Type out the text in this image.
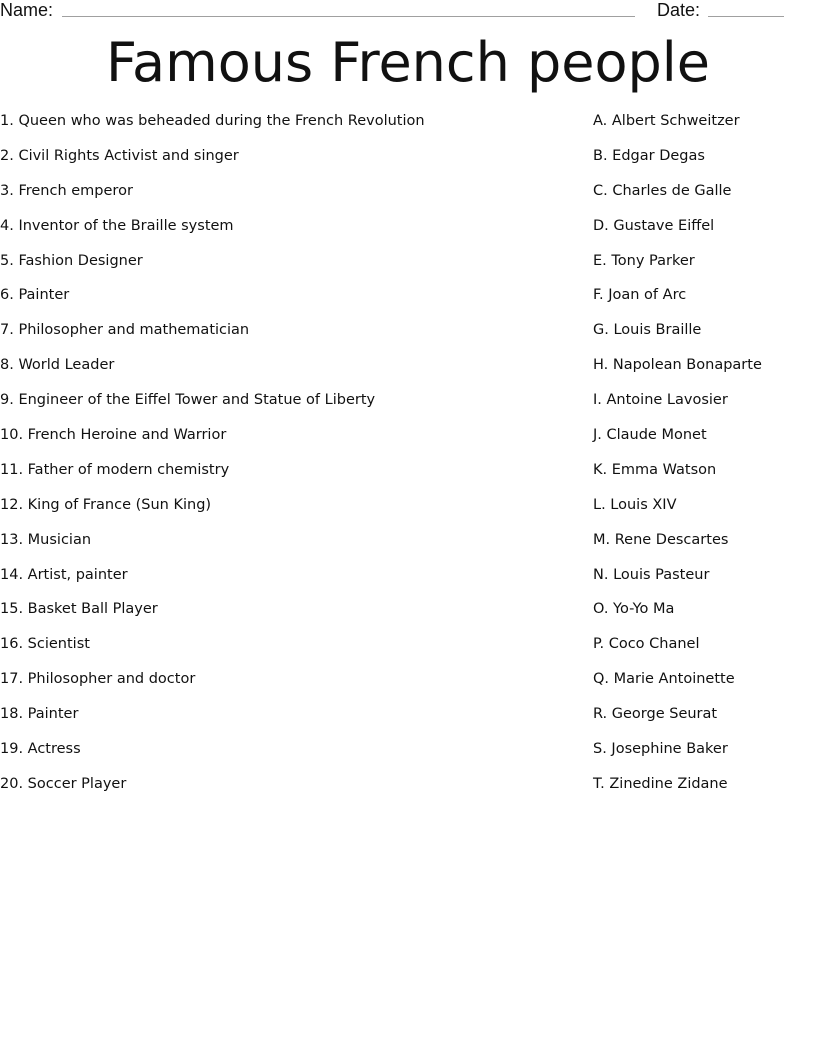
Name:	Date:
Famous French people
1. Queen who was beheaded during the French Revolution
2. Civil Rights Activist and singer
3. French emperor
4. Inventor of the Braille system
5. Fashion Designer
6. Painter
7. Philosopher and mathematician
8. World Leader
9. Engineer of the Eiffel Tower and Statue of Liberty
10. French Heroine and Warrior
11. Father of modern chemistry
12. King of France (Sun King)
13. Musician
14. Artist, painter
15. Basket Ball Player
16. Scientist
17. Philosopher and doctor
18. Painter
19. Actress
20. Soccer Player
A. Albert Schweitzer
B. Edgar Degas
C. Charles de Galle
D. Gustave Eiffel
E. Tony Parker
F. Joan of Arc
G. Louis Braille
H. Napolean Bonaparte
I. Antoine Lavosier
J. Claude Monet
K. Emma Watson
L. Louis XIV
M. Rene Descartes
N. Louis Pasteur
O. Yo-Yo Ma
P. Coco Chanel
Q. Marie Antoinette
R. George Seurat
S. Josephine Baker
T. Zinedine Zidane
